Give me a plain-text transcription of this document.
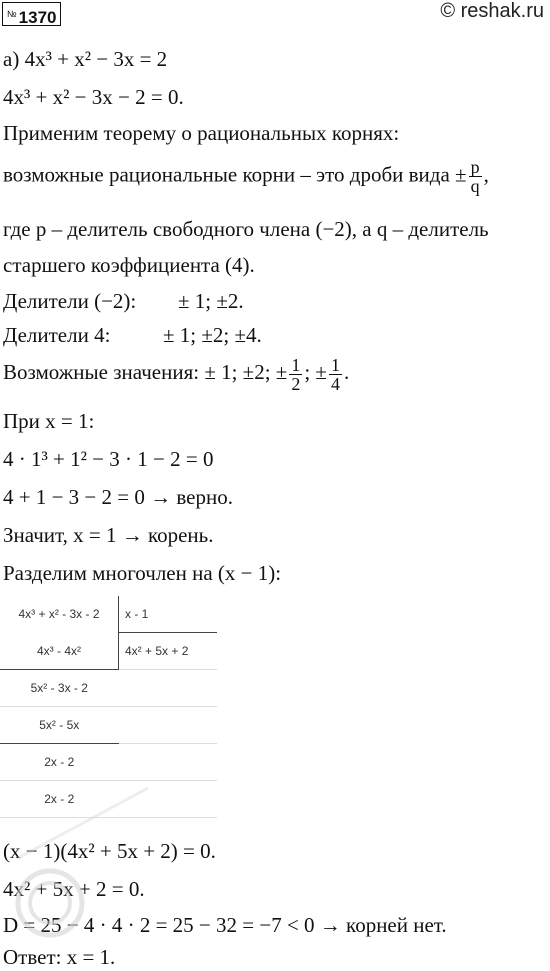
№ 1370	© reshak.ru
а) 4x³ + x² − 3x = 2
4x³ + x² − 3x − 2 = 0.
Применим теорему о рациональных корнях:
возможные рациональные корни – это дроби вида ± $\frac{p}{q}$ ,
где p – делитель свободного члена (−2), а q – делитель
старшего коэффициента (4).
Делители (−2): ± 1; ±2.
Делители 4:	± 1; ±2; ±4.
Возможные значения: ± 1; ±2; ± $\frac{1}{2}$ ; ± $\frac{1}{4}$ .
При x = 1:
4 · 1³ + 1² − 3 · 1 − 2 = 0
4 + 1 − 3 − 2 = 0 → верно.
Значит, x = 1 → корень.
Разделим многочлен на (x − 1):
4x³ + x² - 3x - 2	x - 1
4x³ - 4x²	4x² + 5x + 2
5x² - 3x - 2	
5x² - 5x	
2x - 2	
2x - 2	
(x − 1)(4x² + 5x + 2) = 0.
4x² + 5x + 2 = 0.
D = 25 − 4 · 4 · 2 = 25 − 32 = −7 < 0 → корней нет.
Ответ: x = 1.
